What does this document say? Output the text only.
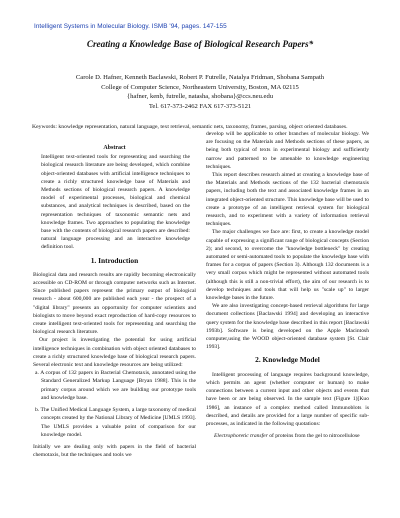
Intelligent Systems in Molecular Biology. ISMB '94, pages. 147-155
Creating a Knowledge Base of Biological Research Papers*
Carole D. Hafner, Kenneth Baclawski, Robert P. Futrelle, Natalya Fridman, Shobana Sampath
College of Computer Science, Northeastern University, Boston, MA 02115
{hafner, kenb, futrelle, natasha, shobana}@ccs.neu.edu
Tel. 617-373-2462 FAX 617-373-5121
Keywords: knowledge representation, natural language, text retrieval, semantic nets, taxonomy, frames, parsing, object oriented databases.
Abstract

Intelligent text-oriented tools for representing and searching the biological research literature are being developed, which combine object-oriented databases with artificial intelligence techniques to create a richly structured knowledge base of Materials and Methods sections of biological research papers. A knowledge model of experimental processes, biological and chemical substances, and analytical techniques is described, based on the representation techniques of taxonomic semantic nets and knowledge frames. Two approaches to populating the knowledge base with the contents of biological research papers are described: natural language processing and an interactive knowledge definition tool.

1. Introduction

Biological data and research results are rapidly becoming electronically accessible on CD-ROM or through computer networks such as Internet. Since published papers represent the primary output of biological research - about 600,000 are published each year - the prospect of a "digital library" presents an opportunity for computer scientists and biologists to move beyond exact reproduction of hard-copy resources to create intelligent text-oriented tools for representing and searching the biological research literature.

Our project is investigating the potential for using artificial intelligence techniques in combination with object oriented databases to create a richly structured knowledge base of biological research papers. Several electronic text and knowledge resources are being utilized:

a. A corpus of 132 papers in Bacterial Chemotaxis, annotated using the Standard Generalized Markup Language [Bryan 1988]. This is the primary corpus around which we are building our prototype tools and knowledge base.

b. The Unified Medical Language System, a large taxonomy of medical concepts created by the National Library of Medicine [UMLS 1993]. The UMLS provides a valuable point of comparison for our knowledge model.

Initially we are dealing only with papers in the field of bacterial chemotaxis, but the techniques and tools we

develop will be applicable to other branches of molecular biology. We are focusing on the Materials and Methods sections of these papers, as being both typical of texts in experimental biology and sufficiently narrow and patterned to be amenable to knowledge engineering techniques.

This report describes research aimed at creating a knowledge base of the Materials and Methods sections of the 132 bacterial chemotaxis papers, including both the text and associated knowledge frames in an integrated object-oriented structure. This knowledge base will be used to create a prototype of an intelligent retrieval system for biological research, and to experiment with a variety of information retrieval techniques.

The major challenges we face are: first, to create a knowledge model capable of expressing a significant range of biological concepts (Section 2); and second, to overcome the "knowledge bottleneck" by creating automated or semi-automated tools to populate the knowledge base with frames for a corpus of papers (Section 3). Although 132 documents is a very small corpus which might be represented without automated tools (although this is still a non-trivial effort), the aim of our research is to develop techniques and tools that will help us "scale up" to larger knowledge bases in the future.

We are also investigating concept-based retrieval algorithms for large document collections [Baclawski 1994] and developing an interactive query system for the knowledge base described in this report [Baclawski 1993b]. Software is being developed on the Apple Macintosh computer,using the WOOD object-oriented database system [St. Clair 1993].

2. Knowledge Model

Intelligent processing of language requires background knowledge, which permits an agent (whether computer or human) to make connections between a current input and other objects and events that have been or are being observed. In the sample text (Figure 1)[Kuo 1986], an instance of a complex method called Immunoblots is described, and details are provided for a large number of specific sub-processes, as indicated in the following quotations:

Electrophoretic transfer of proteins from the gel to nitrocellulose
